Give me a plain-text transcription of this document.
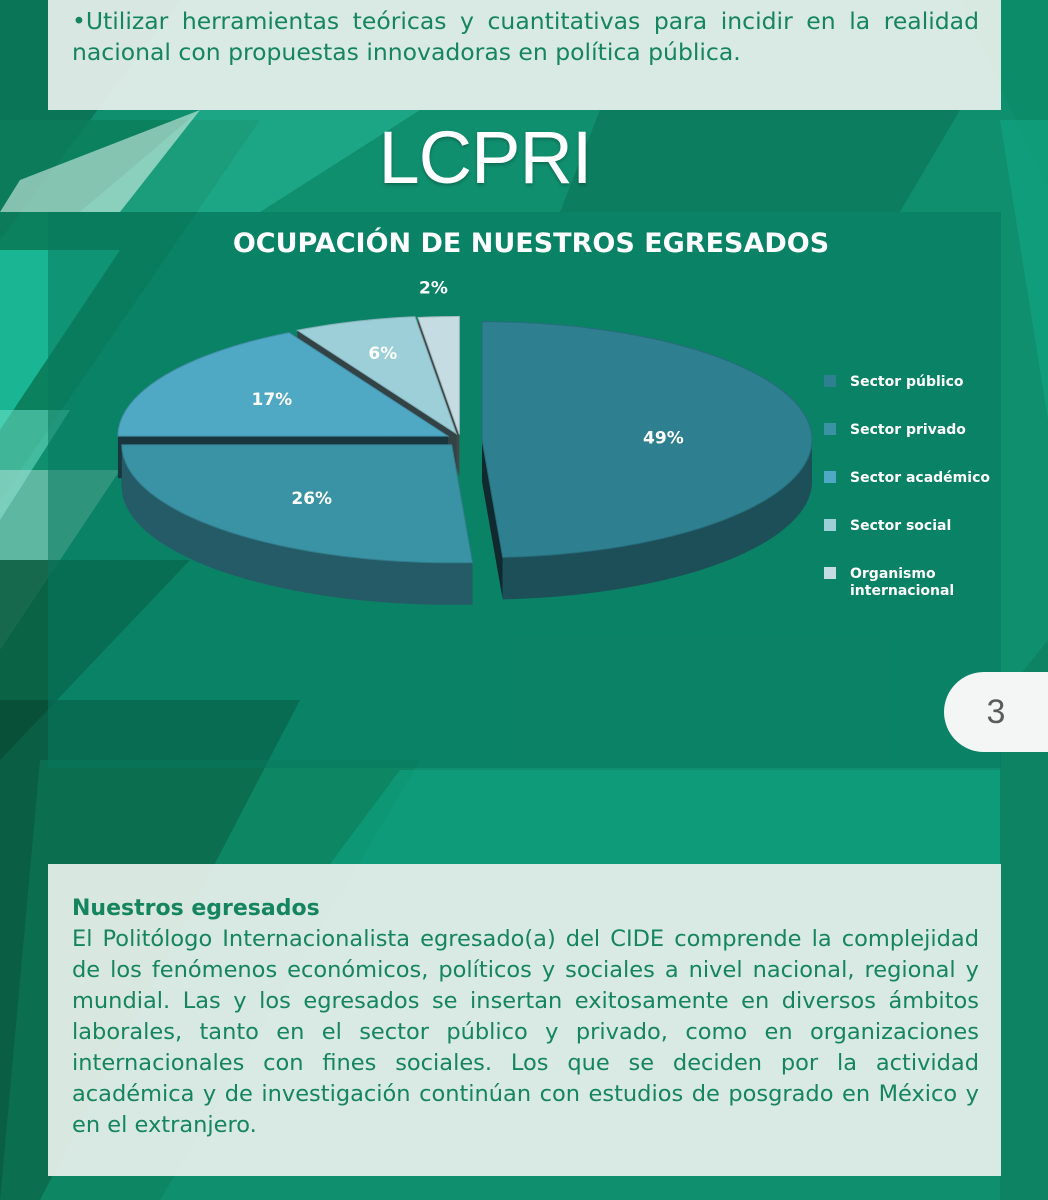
•Utilizar herramientas teóricas y cuantitativas para incidir en la realidad nacional con propuestas innovadoras en política pública.

LCPRI
OCUPACIÓN DE NUESTROS EGRESADOS
49%
26%
17%
6%
2%
Sector público
Sector privado
Sector académico
Sector social
Organismo internacional
3
Nuestros egresados

El Politólogo Internacionalista egresado(a) del CIDE comprende la complejidad de los fenómenos económicos, políticos y sociales a nivel nacional, regional y mundial. Las y los egresados se insertan exitosamente en diversos ámbitos laborales, tanto en el sector público y privado, como en organizaciones internacionales con fines sociales. Los que se deciden por la actividad académica y de investigación continúan con estudios de posgrado en México y en el extranjero.
